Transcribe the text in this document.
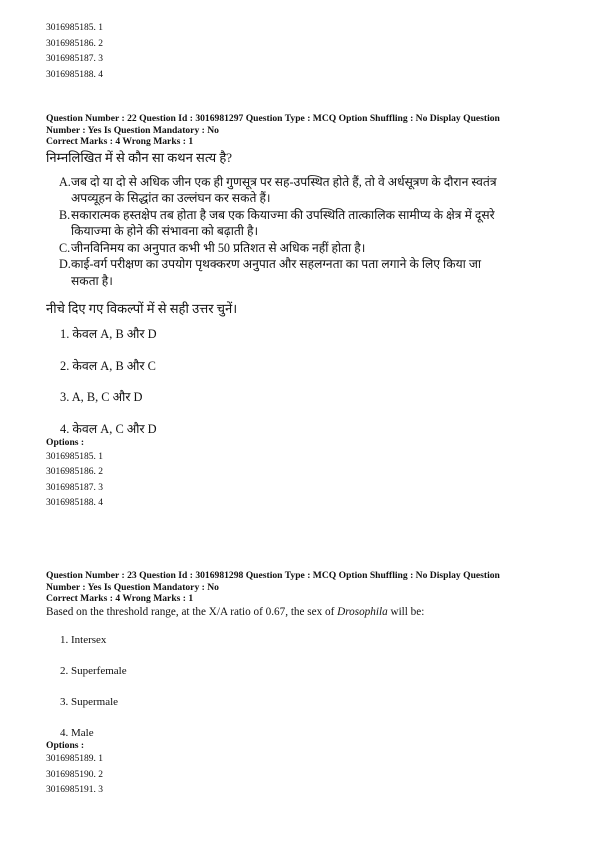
3016985185. 1
3016985186. 2
3016985187. 3
3016985188. 4
Question Number : 22 Question Id : 3016981297 Question Type : MCQ Option Shuffling : No Display Question
Number : Yes Is Question Mandatory : No
Correct Marks : 4 Wrong Marks : 1
निम्नलिखित में से कौन सा कथन सत्य है?
A. जब दो या दो से अधिक जीन एक ही गुणसूत्र पर सह-उपस्थित होते हैं, तो वे अर्धसूत्रण के दौरान स्वतंत्र
अपव्यूहन के सिद्धांत का उल्लंघन कर सकते हैं।
B. सकारात्मक हस्तक्षेप तब होता है जब एक कियाज्मा की उपस्थिति तात्कालिक सामीप्य के क्षेत्र में दूसरे
कियाज्मा के होने की संभावना को बढ़ाती है।
C. जीनविनिमय का अनुपात कभी भी 50 प्रतिशत से अधिक नहीं होता है।
D. काई-वर्ग परीक्षण का उपयोग पृथक्करण अनुपात और सहलग्नता का पता लगाने के लिए किया जा
सकता है।
नीचे दिए गए विकल्पों में से सही उत्तर चुनें।
1. केवल A, B और D
2. केवल A, B और C
3. A, B, C और D
4. केवल A, C और D
Options :
3016985185. 1
3016985186. 2
3016985187. 3
3016985188. 4
Question Number : 23 Question Id : 3016981298 Question Type : MCQ Option Shuffling : No Display Question
Number : Yes Is Question Mandatory : No
Correct Marks : 4 Wrong Marks : 1
Based on the threshold range, at the X/A ratio of 0.67, the sex of Drosophila will be:
1. Intersex
2. Superfemale
3. Supermale
4. Male
Options :
3016985189. 1
3016985190. 2
3016985191. 3
